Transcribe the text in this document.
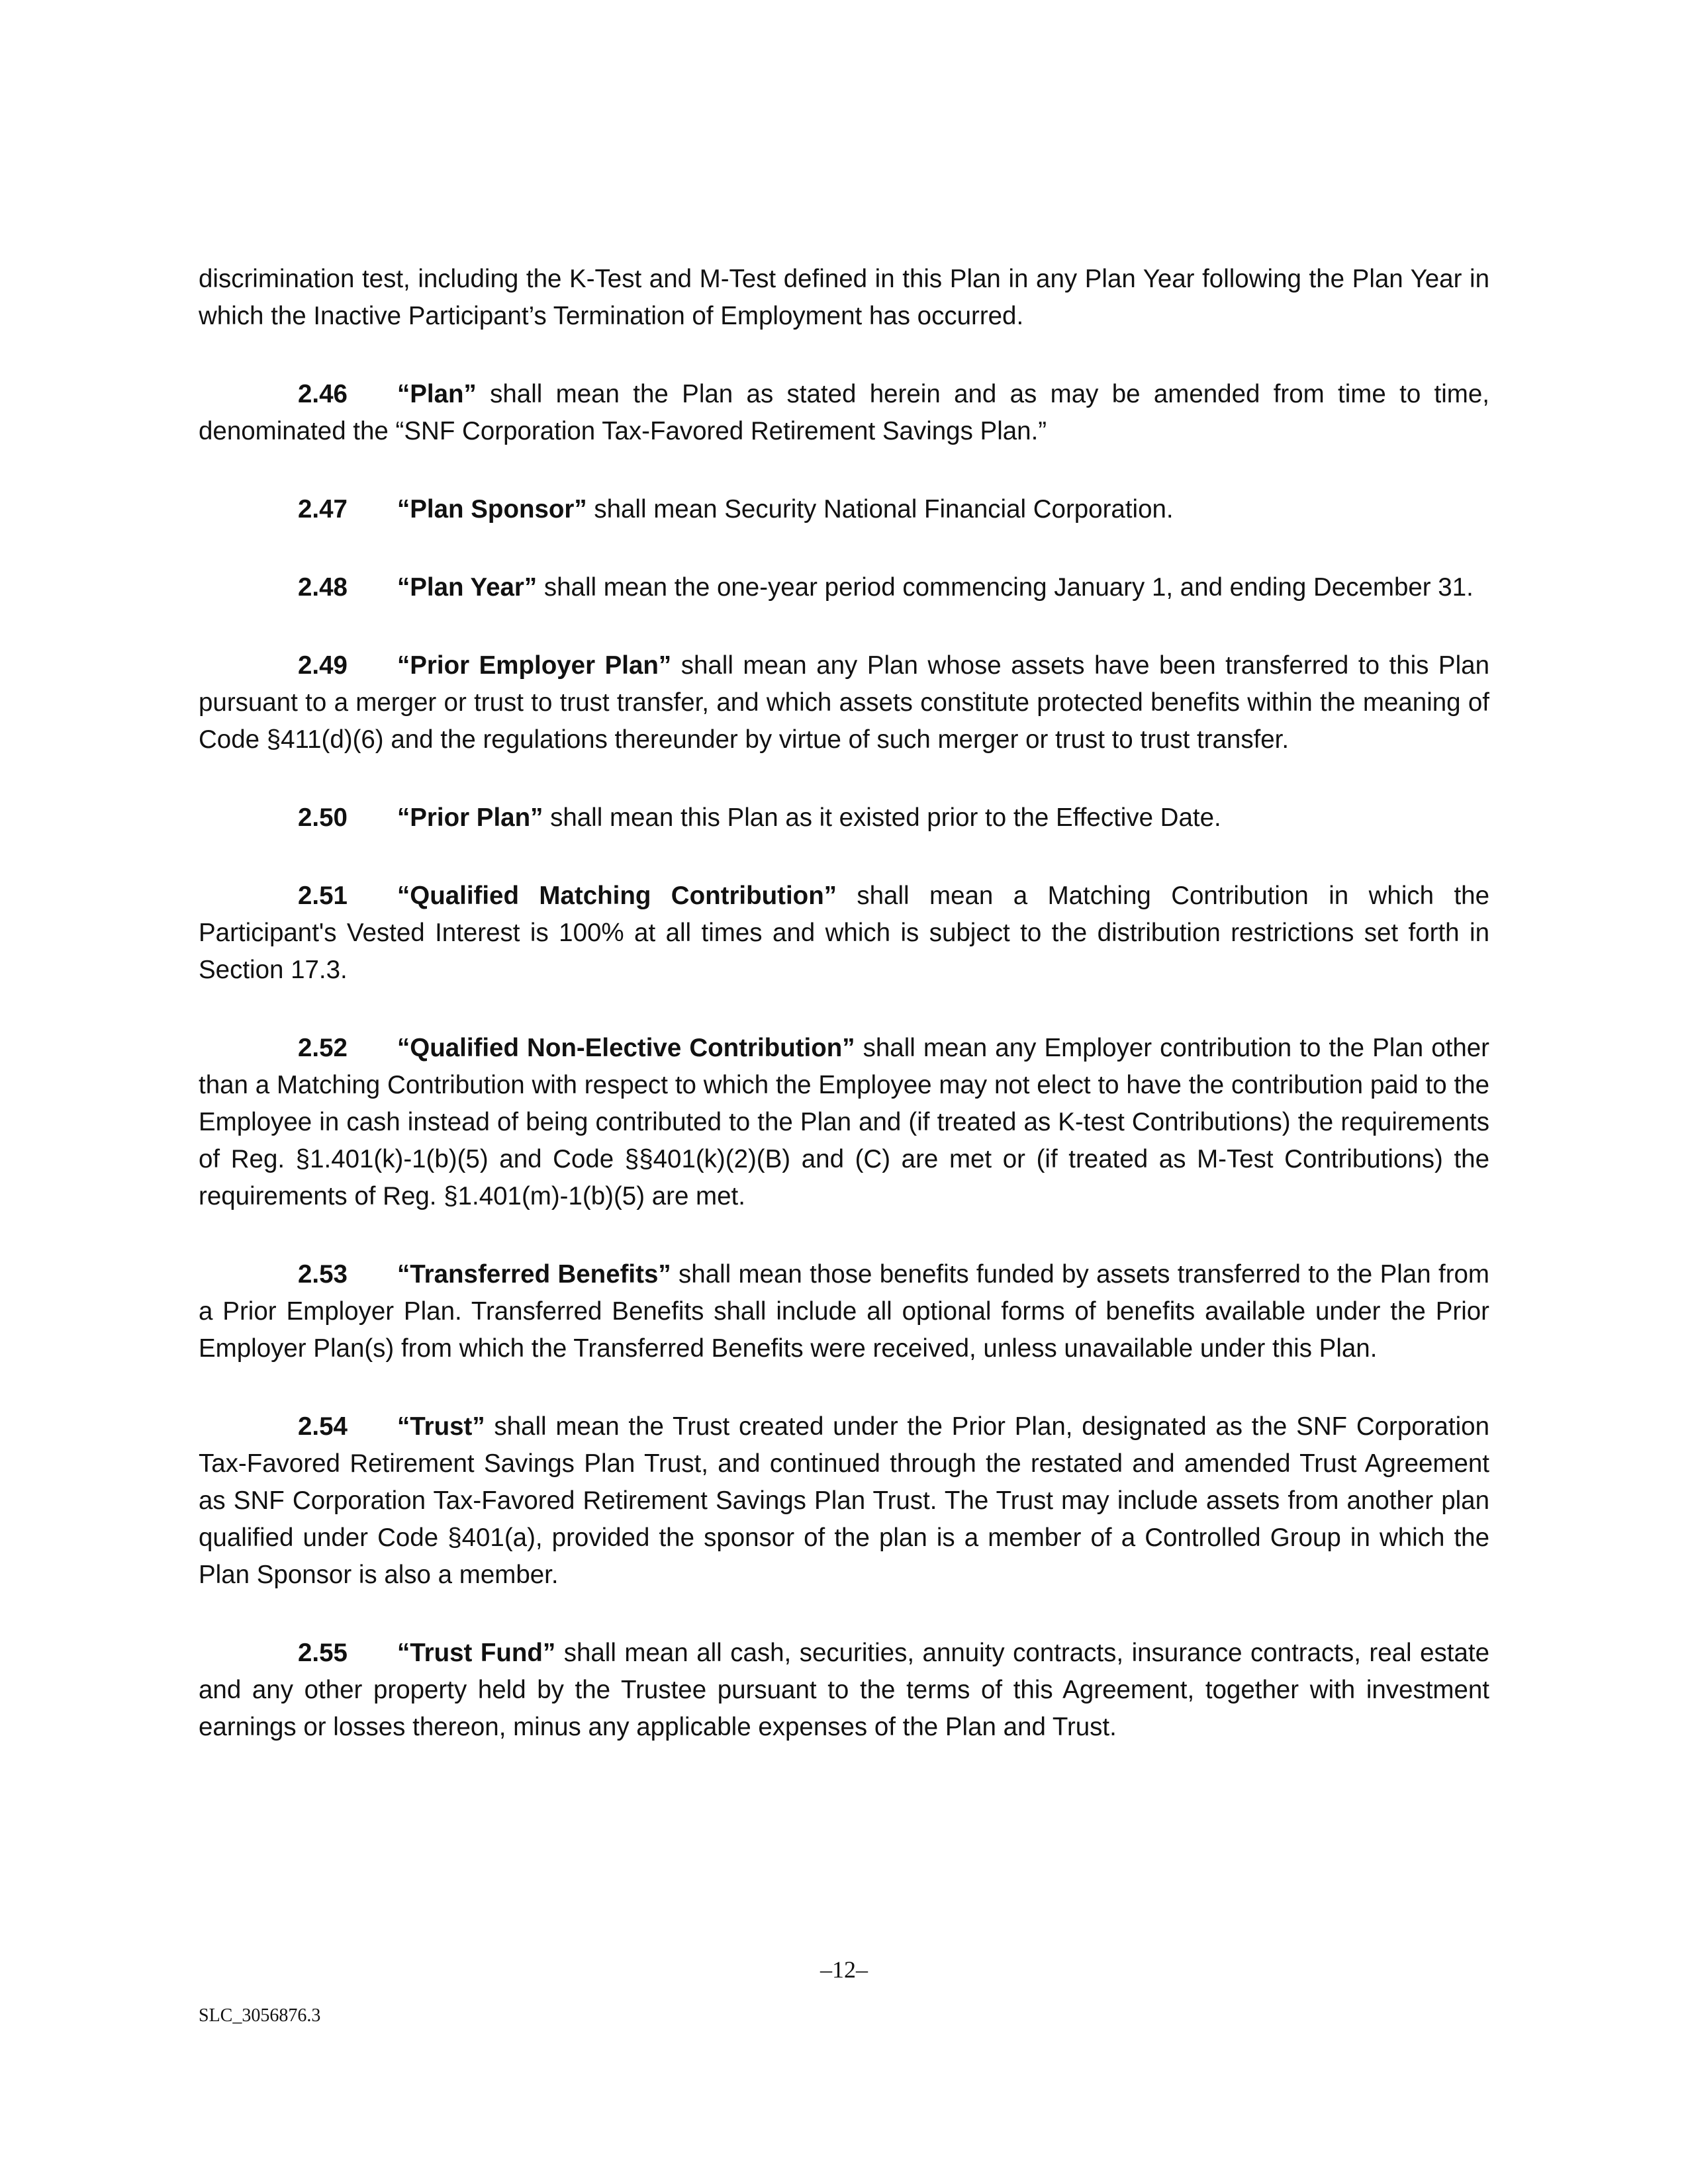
discrimination test, including the K-Test and M-Test defined in this Plan in any Plan Year following the Plan Year in which the Inactive Participant’s Termination of Employment has occurred.

2.46 “Plan” shall mean the Plan as stated herein and as may be amended from time to time, denominated the “SNF Corporation Tax-Favored Retirement Savings Plan.”

2.47 “Plan Sponsor” shall mean Security National Financial Corporation.

2.48 “Plan Year” shall mean the one-year period commencing January 1, and ending December 31.

2.49 “Prior Employer Plan” shall mean any Plan whose assets have been transferred to this Plan pursuant to a merger or trust to trust transfer, and which assets constitute protected benefits within the meaning of Code §411(d)(6) and the regulations thereunder by virtue of such merger or trust to trust transfer.

2.50 “Prior Plan” shall mean this Plan as it existed prior to the Effective Date.

2.51 “Qualified Matching Contribution” shall mean a Matching Contribution in which the Participant's Vested Interest is 100% at all times and which is subject to the distribution restrictions set forth in Section 17.3.

2.52 “Qualified Non-Elective Contribution” shall mean any Employer contribution to the Plan other than a Matching Contribution with respect to which the Employee may not elect to have the contribution paid to the Employee in cash instead of being contributed to the Plan and (if treated as K-test Contributions) the requirements of Reg. §1.401(k)-1(b)(5) and Code §§401(k)(2)(B) and (C) are met or (if treated as M-Test Contributions) the requirements of Reg. §1.401(m)-1(b)(5) are met.

2.53 “Transferred Benefits” shall mean those benefits funded by assets transferred to the Plan from a Prior Employer Plan. Transferred Benefits shall include all optional forms of benefits available under the Prior Employer Plan(s) from which the Transferred Benefits were received, unless unavailable under this Plan.

2.54 “Trust” shall mean the Trust created under the Prior Plan, designated as the SNF Corporation Tax-Favored Retirement Savings Plan Trust, and continued through the restated and amended Trust Agreement as SNF Corporation Tax-Favored Retirement Savings Plan Trust. The Trust may include assets from another plan qualified under Code §401(a), provided the sponsor of the plan is a member of a Controlled Group in which the Plan Sponsor is also a member.

2.55 “Trust Fund” shall mean all cash, securities, annuity contracts, insurance contracts, real estate and any other property held by the Trustee pursuant to the terms of this Agreement, together with investment earnings or losses thereon, minus any applicable expenses of the Plan and Trust.

–12–
SLC_3056876.3
